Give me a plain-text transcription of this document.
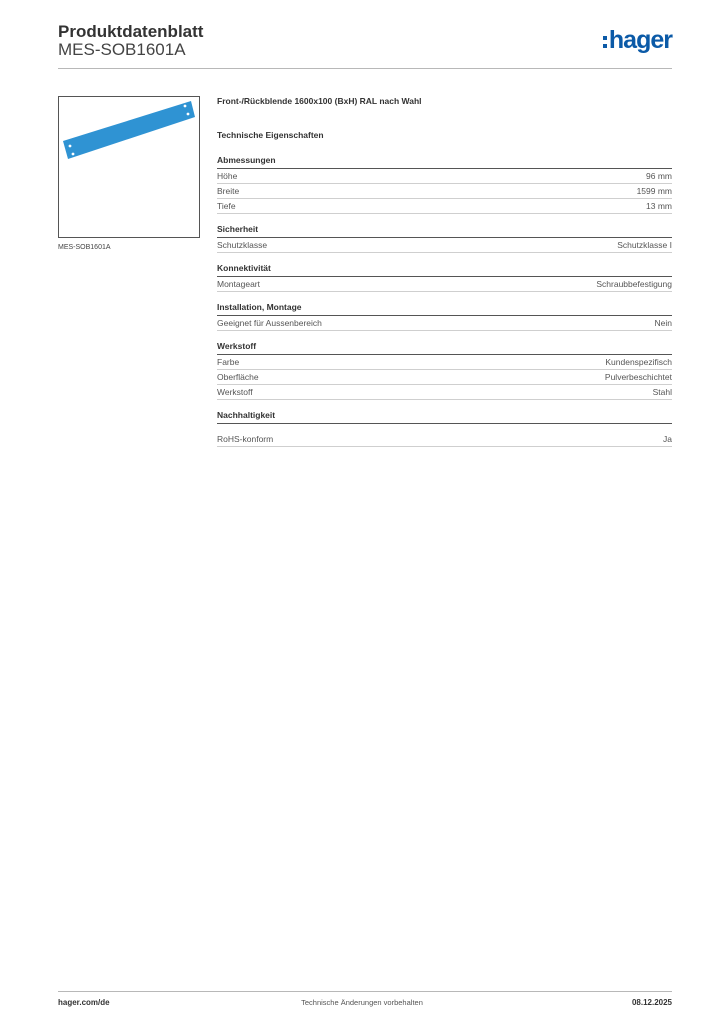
Produktdatenblatt
MES-SOB1601A	hager
MES-SOB1601A
Front-/Rückblende 1600x100 (BxH) RAL nach Wahl
Technische Eigenschaften
Abmessungen
Höhe	96 mm
Breite	1599 mm
Tiefe	13 mm
Sicherheit
Schutzklasse	Schutzklasse I
Konnektivität
Montageart	Schraubbefestigung
Installation, Montage
Geeignet für Aussenbereich	Nein
Werkstoff
Farbe	Kundenspezifisch
Oberfläche	Pulverbeschichtet
Werkstoff	Stahl
Nachhaltigkeit
RoHS-konform	Ja
hager.com/de	Technische Änderungen vorbehalten	08.12.2025
